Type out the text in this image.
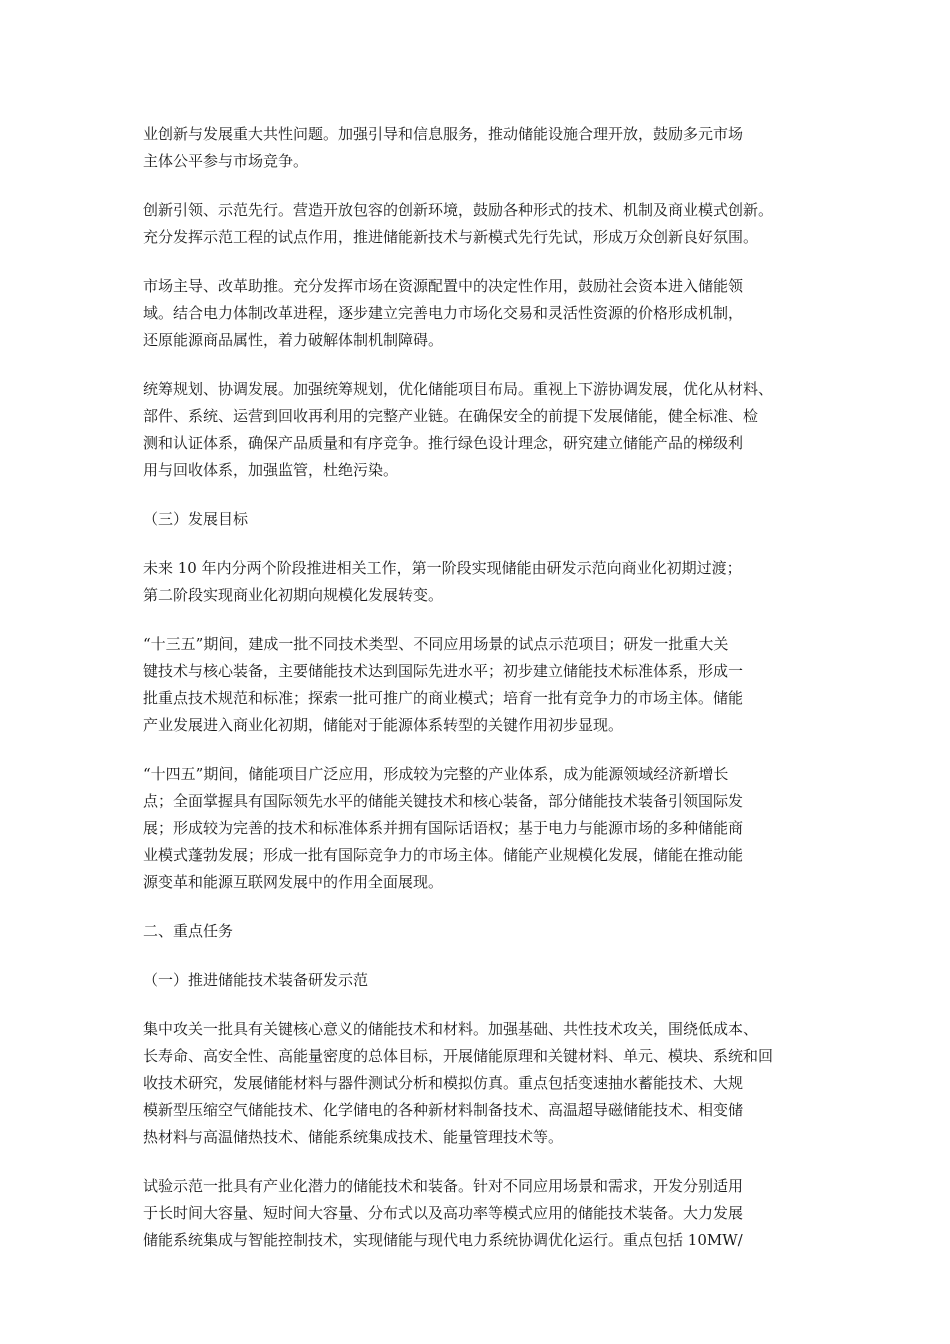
业创新与发展重大共性问题。加强引导和信息服务，推动储能设施合理开放，鼓励多元市场
主体公平参与市场竞争。
创新引领、示范先行。营造开放包容的创新环境，鼓励各种形式的技术、机制及商业模式创新。
充分发挥示范工程的试点作用，推进储能新技术与新模式先行先试，形成万众创新良好氛围。
市场主导、改革助推。充分发挥市场在资源配置中的决定性作用，鼓励社会资本进入储能领
域。结合电力体制改革进程，逐步建立完善电力市场化交易和灵活性资源的价格形成机制，
还原能源商品属性，着力破解体制机制障碍。
统筹规划、协调发展。加强统筹规划，优化储能项目布局。重视上下游协调发展，优化从材料、
部件、系统、运营到回收再利用的完整产业链。在确保安全的前提下发展储能，健全标准、检
测和认证体系，确保产品质量和有序竞争。推行绿色设计理念，研究建立储能产品的梯级利
用与回收体系，加强监管，杜绝污染。
（三）发展目标
未来 10 年内分两个阶段推进相关工作，第一阶段实现储能由研发示范向商业化初期过渡；
第二阶段实现商业化初期向规模化发展转变。
“十三五”期间，建成一批不同技术类型、不同应用场景的试点示范项目；研发一批重大关
键技术与核心装备，主要储能技术达到国际先进水平；初步建立储能技术标准体系，形成一
批重点技术规范和标准；探索一批可推广的商业模式；培育一批有竞争力的市场主体。储能
产业发展进入商业化初期，储能对于能源体系转型的关键作用初步显现。
“十四五”期间，储能项目广泛应用，形成较为完整的产业体系，成为能源领域经济新增长
点；全面掌握具有国际领先水平的储能关键技术和核心装备，部分储能技术装备引领国际发
展；形成较为完善的技术和标准体系并拥有国际话语权；基于电力与能源市场的多种储能商
业模式蓬勃发展；形成一批有国际竞争力的市场主体。储能产业规模化发展，储能在推动能
源变革和能源互联网发展中的作用全面展现。
二、重点任务
（一）推进储能技术装备研发示范
集中攻关一批具有关键核心意义的储能技术和材料。加强基础、共性技术攻关，围绕低成本、
长寿命、高安全性、高能量密度的总体目标，开展储能原理和关键材料、单元、模块、系统和回
收技术研究，发展储能材料与器件测试分析和模拟仿真。重点包括变速抽水蓄能技术、大规
模新型压缩空气储能技术、化学储电的各种新材料制备技术、高温超导磁储能技术、相变储
热材料与高温储热技术、储能系统集成技术、能量管理技术等。
试验示范一批具有产业化潜力的储能技术和装备。针对不同应用场景和需求，开发分别适用
于长时间大容量、短时间大容量、分布式以及高功率等模式应用的储能技术装备。大力发展
储能系统集成与智能控制技术，实现储能与现代电力系统协调优化运行。重点包括 10MW/
